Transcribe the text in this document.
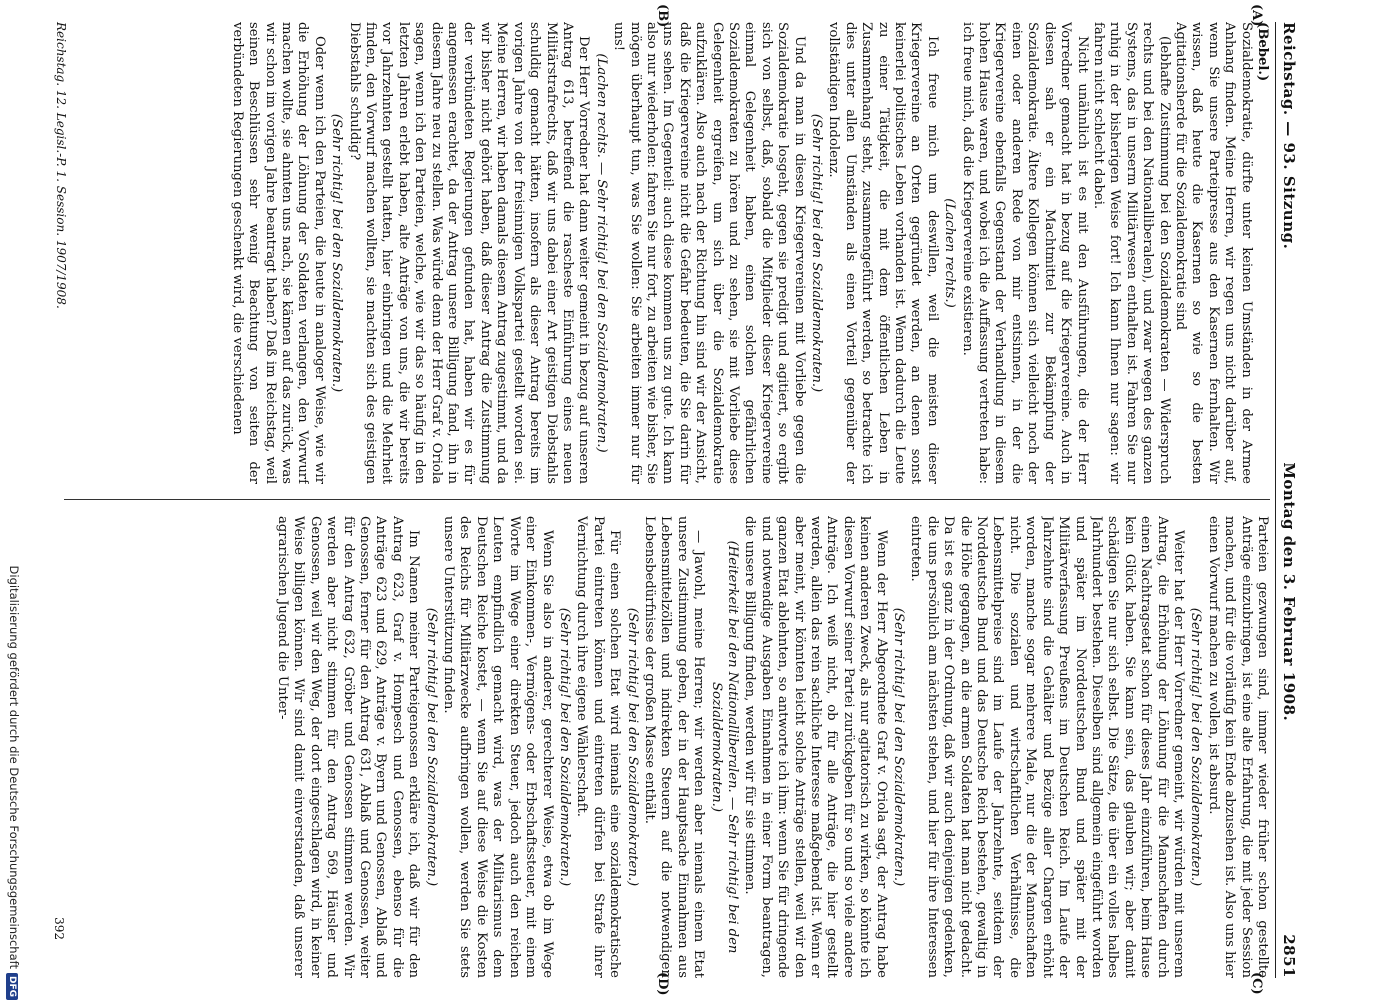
Reichstag. — 93. Sitzung.
Montag den 3. Februar 1908.
2851
(A)
(B)
(C)
(D)

(Bebel.)

Sozialdemokratie, dürfte unter keinen Umständen in der Armee Anhang finden. Meine Herren, wir regen uns nicht darüber auf, wenn Sie unsere Parteipresse aus den Kasernen fernhalten. Wir wissen, daß heute die Kasernen so wie so die besten Agitationsherde für die Sozialdemokratie sind

(lebhafte Zustimmung bei den Sozialdemokraten — Widerspruch rechts und bei den Nationalliberalen), und zwar wegen des ganzen Systems, das in unserm Militärwesen enthalten ist. Fahren Sie nur ruhig in der bisherigen Weise fort! Ich kann Ihnen nur sagen: wir fahren nicht schlecht dabei.

Nicht unähnlich ist es mit den Ausführungen, die der Herr Vorredner gemacht hat in bezug auf die Kriegervereine. Auch in diesen sah er ein Machtmittel zur Bekämpfung der Sozialdemokratie. Ältere Kollegen können sich vielleicht noch der einen oder anderen Rede von mir entsinnen, in der die Kriegervereine ebenfalls Gegenstand der Verhandlung in diesem hohen Hause waren, und wobei ich die Auffassung vertreten habe: ich freue mich, daß die Kriegervereine existieren.

(Lachen rechts.)

Ich freue mich um deswillen, weil die meisten dieser Kriegervereine an Orten gegründet werden, an denen sonst keinerlei politisches Leben vorhanden ist. Wenn dadurch die Leute zu einer Tätigkeit, die mit dem öffentlichen Leben in Zusammenhang steht, zusammengeführt werden, so betrachte ich dies unter allen Umständen als einen Vorteil gegenüber der vollständigen Indolenz.

(Sehr richtig! bei den Sozialdemokraten.)

Und da man in diesen Kriegervereinen mit Vorliebe gegen die Sozialdemokratie losgeht, gegen sie predigt und agitiert, so ergibt sich von selbst, daß, sobald die Mitglieder dieser Kriegervereine einmal Gelegenheit haben, einen solchen gefährlichen Sozialdemokraten zu hören und zu sehen, sie mit Vorliebe diese Gelegenheit ergreifen, um sich über die Sozialdemokratie aufzuklären. Also auch nach der Richtung hin sind wir der Ansicht, daß die Kriegervereine nicht die Gefahr bedeuten, die Sie darin für uns sehen. Im Gegenteil: auch diese kommen uns zu gute. Ich kann also nur wiederholen: fahren Sie nur fort, zu arbeiten wie bisher, Sie mögen überhaupt tun, was Sie wollen: Sie arbeiten immer nur für uns!

(Lachen rechts. — Sehr richtig! bei den Sozialdemokraten.)

Der Herr Vorredner hat dann weiter gemeint in bezug auf unseren Antrag 613, betreffend die rascheste Einführung eines neuen Militärstrafrechts, daß wir uns dabei einer Art geistigen Diebstahls schuldig gemacht hätten, insofern als dieser Antrag bereits im vorigen Jahre von der freisinnigen Volkspartei gestellt worden sei. Meine Herren, wir haben damals diesem Antrag zugestimmt, und da wir bisher nicht gehört haben, daß dieser Antrag die Zustimmung der verbündeten Regierungen gefunden hat, haben wir es für angemessen erachtet, da der Antrag unsere Billigung fand, ihn in diesem Jahre neu zu stellen. Was würde denn der Herr Graf v. Oriola sagen, wenn ich den Parteien, welche, wie wir das so häufig in den letzten Jahren erlebt haben, alte Anträge von uns, die wir bereits vor Jahrzehnten gestellt hatten, hier einbringen und die Mehrheit finden, den Vorwurf machen wollten, sie machten sich des geistigen Diebstahls schuldig?

(Sehr richtig! bei den Sozialdemokraten.)

Oder wenn ich den Parteien, die heute in analoger Weise, wie wir die Erhöhung der Löhnung der Soldaten verlangen, den Vorwurf machen wollte, sie ahmten uns nach, sie kämen auf das zurück, was wir schon im vorigen Jahre beantragt haben? Daß im Reichstag, weil seinen Beschlüssen sehr wenig Beachtung von seiten der verbündeten Regierungen geschenkt wird, die verschiedenen

Parteien gezwungen sind, immer wieder früher schon gestellte Anträge einzubringen, ist eine alte Erfahrung, die mit jeder Session machen, und für die vorläufig kein Ende abzusehen ist. Also uns hier einen Vorwurf machen zu wollen, ist absurd.

(Sehr richtig! bei den Sozialdemokraten.)

Weiter hat der Herr Vorredner gemeint, wir würden mit unserem Antrag, die Erhöhung der Löhnung für die Mannschaften durch einen Nachtragsetat schon für dieses Jahr einzuführen, beim Hause kein Glück haben. Sie kann sein, das glauben wir; aber damit schädigen Sie nur sich selbst. Die Sätze, die über ein volles halbes Jahrhundert bestehen. Dieselben sind allgemein eingeführt worden und später im Norddeutschen Bund und später mit der Militärverfassung Preußens im Deutschen Reich. Im Laufe der Jahrzehnte sind die Gehälter und Bezüge aller Chargen erhöht worden, manche sogar mehrere Male, nur die der Mannschaften nicht. Die sozialen und wirtschaftlichen Verhältnisse, die Lebensmittelpreise sind im Laufe der Jahrzehnte, seitdem der Norddeutsche Bund und das Deutsche Reich bestehen, gewaltig in die Höhe gegangen, an die armen Soldaten hat man nicht gedacht. Da ist es ganz in der Ordnung, daß wir auch denjenigen gedenken, die uns persönlich am nächsten stehen, und hier für ihre Interessen eintreten.

(Sehr richtig! bei den Sozialdemokraten.)

Wenn der Herr Abgeordnete Graf v. Oriola sagt, der Antrag habe keinen anderen Zweck, als nur agitatorisch zu wirken, so könnte ich diesen Vorwurf seiner Partei zurückgeben für so und so viele andere Anträge. Ich weiß nicht, ob für alle Anträge, die hier gestellt werden, allein das rein sachliche Interesse maßgebend ist. Wenn er aber meint, wir könnten leicht solche Anträge stellen, weil wir den ganzen Etat ablehnten, so antworte ich ihm: wenn Sie für dringende und notwendige Ausgaben Einnahmen in einer Form beantragen, die unsere Billigung finden, werden wir für sie stimmen.

(Heiterkeit bei den Nationalliberalen. — Sehr richtig! bei den Sozialdemokraten.)

— Jawohl, meine Herren; wir werden aber niemals einem Etat unsere Zustimmung geben, der in der Hauptsache Einnahmen aus Lebensmittelzöllen und indirekten Steuern auf die notwendigen Lebensbedürfnisse der großen Masse enthält.

(Sehr richtig! bei den Sozialdemokraten.)

Für einen solchen Etat wird niemals eine sozialdemokratische Partei eintreten können und eintreten dürfen bei Strafe ihrer Vernichtung durch ihre eigene Wählerschaft.

(Sehr richtig! bei den Sozialdemokraten.)

Wenn Sie also in anderer, gerechterer Weise, etwa ob im Wege einer Einkommen-, Vermögens- oder Erbschaftssteuer, mit einem Worte im Wege einer direkten Steuer, jedoch auch den reichen Leuten empfindlich gemacht wird, was der Militarismus dem Deutschen Reiche kostet, — wenn Sie auf diese Weise die Kosten des Reichs für Militärzwecke aufbringen wollen, werden Sie stets unsere Unterstützung finden.

(Sehr richtig! bei den Sozialdemokraten.)

Im Namen meiner Parteigenossen erkläre ich, daß wir für den Antrag 623, Graf v. Hompesch und Genossen, ebenso für die Anträge 623 und 629, Anträge v. Byern und Genossen, Ablaß und Genossen, ferner für den Antrag 631, Ablaß und Genossen, weiter für den Antrag 632, Gröber und Genossen stimmen werden. Wir werden aber nicht stimmen für den Antrag 569, Häusler und Genossen, weil wir den Weg, der dort eingeschlagen wird, in keiner Weise billigen können. Wir sind damit einverstanden, daß unserer agrarischen Jugend die Unter-

Reichstag. 12. Legisl.-P. 1. Session. 1907/1908.
392
Digitalisierung gefördert durch die Deutsche ForschungsgemeinschaftDFG
